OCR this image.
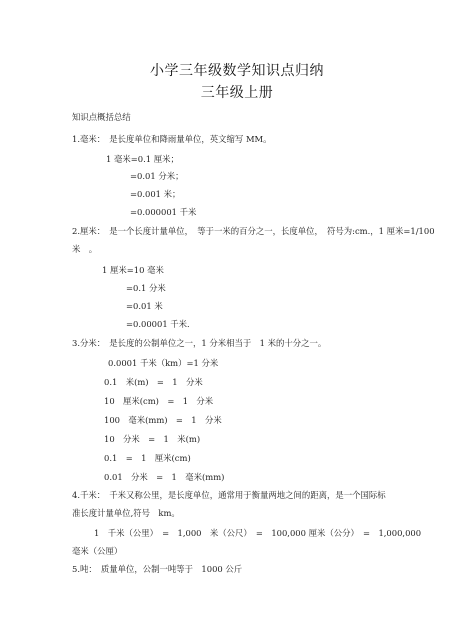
小学三年级数学知识点归纳
三年级上册
知识点概括总结
1.毫米：　是长度单位和降雨量单位，英文缩写 MM。
1 毫米=0.1 厘米；
=0.01 分米；
=0.001 米；
=0.000001 千米
2.厘米：　是一个长度计量单位，　等于一米的百分之一，长度单位，　符号为:cm.，1 厘米=1/100
米　。
1 厘米=10 毫米
=0.1 分米
=0.01 米
=0.00001 千米．
3.分米：　是长度的公制单位之一，1 分米相当于　1 米的十分之一。
0.0001 千米（km）=1 分米
0.1　米(m)　=　1　分米
10　厘米(cm)　=　1　分米
100　毫米(mm)　=　1　分米
10　分米　=　1　米(m)
0.1　=　1　厘米(cm)
0.01　分米　=　1　毫米(mm)
4.千米：　千米又称公里，是长度单位，通常用于衡量两地之间的距离，是一个国际标
准长度计量单位,符号　km。
1　千米（公里）　=　1,000　米（公尺）　=　100,000 厘米（公分）　=　1,000,000
毫米（公厘）
5.吨：　质量单位，公制一吨等于　1000 公斤
